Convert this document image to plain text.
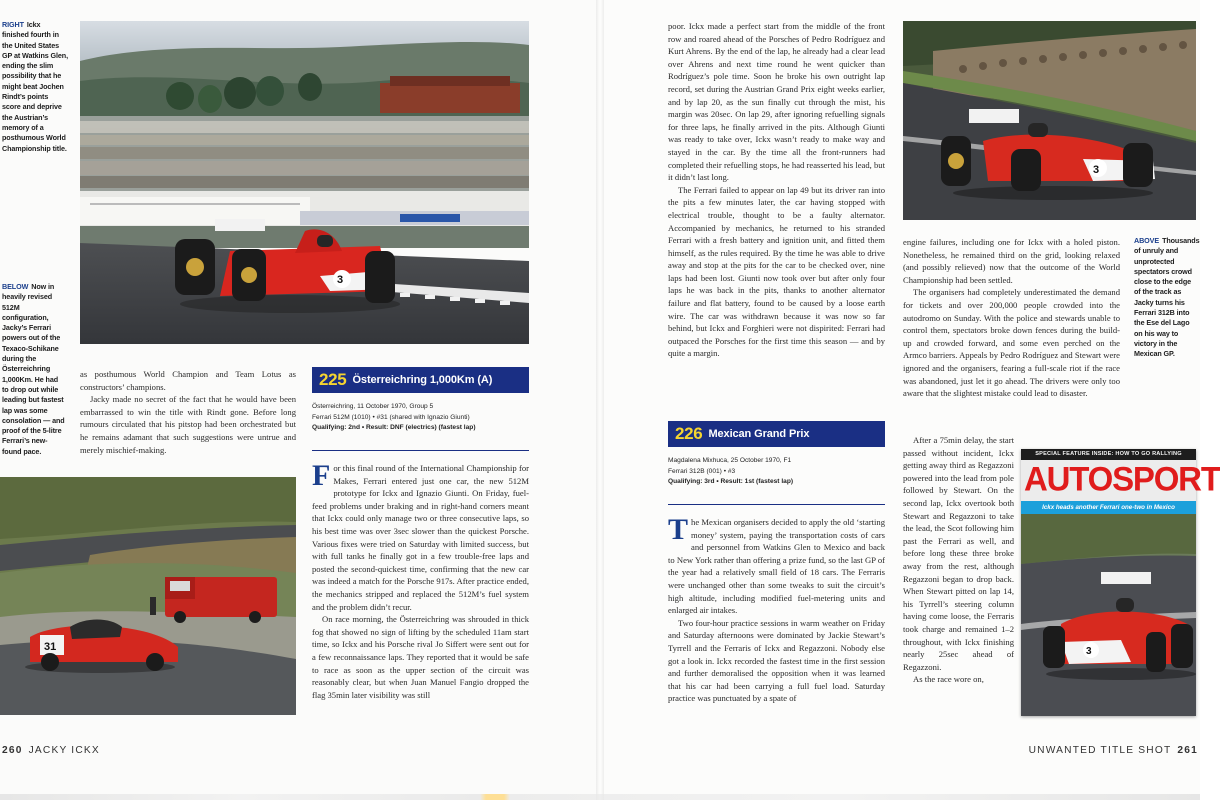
RIGHT Ickx finished fourth in the United States GP at Watkins Glen, ending the slim possibility that he might beat Jochen Rindt’s points score and deprive the Austrian’s memory of a posthumous World Championship title.
3
BELOW Now in heavily revised 512M configuration, Jacky’s Ferrari powers out of the Texaco-Schikane during the Österreichring 1,000Km. He had to drop out while leading but fastest lap was some consolation — and proof of the 5-litre Ferrari’s new-found pace.

as posthumous World Champion and Team Lotus as constructors’ champions.

Jacky made no secret of the fact that he would have been embarrassed to win the title with Rindt gone. Before long rumours circulated that his pitstop had been orchestrated but he remains adamant that such suggestions were untrue and merely mischief-making.

31
225 Österreichring 1,000Km (A)
Österreichring, 11 October 1970, Group 5
Ferrari 512M (1010) • #31 (shared with Ignazio Giunti)
Qualifying: 2nd • Result: DNF (electrics) (fastest lap)

For this final round of the International Championship for Makes, Ferrari entered just one car, the new 512M prototype for Ickx and Ignazio Giunti. On Friday, fuel-feed problems under braking and in right-hand corners meant that Ickx could only manage two or three consecutive laps, so his best time was over 3sec slower than the quickest Porsche. Various fixes were tried on Saturday with limited success, but with full tanks he finally got in a few trouble-free laps and posted the second-quickest time, confirming that the new car was indeed a match for the Porsche 917s. After practice ended, the mechanics stripped and replaced the 512M’s fuel system and the problem didn’t recur.

On race morning, the Österreichring was shrouded in thick fog that showed no sign of lifting by the scheduled 11am start time, so Ickx and his Porsche rival Jo Siffert were sent out for a few reconnaissance laps. They reported that it would be safe to race as soon as the upper section of the circuit was reasonably clear, but when Juan Manuel Fangio dropped the flag 35min later visibility was still

260 JACKY ICKX

poor. Ickx made a perfect start from the middle of the front row and roared ahead of the Porsches of Pedro Rodríguez and Kurt Ahrens. By the end of the lap, he already had a clear lead over Ahrens and next time round he went quicker than Rodríguez’s pole time. Soon he broke his own outright lap record, set during the Austrian Grand Prix eight weeks earlier, and by lap 20, as the sun finally cut through the mist, his margin was 20sec. On lap 29, after ignoring refuelling signals for three laps, he finally arrived in the pits. Although Giunti was ready to take over, Ickx wasn’t ready to make way and stayed in the car. By the time all the front-runners had completed their refuelling stops, he had reasserted his lead, but it didn’t last long.

The Ferrari failed to appear on lap 49 but its driver ran into the pits a few minutes later, the car having stopped with electrical trouble, thought to be a faulty alternator. Accompanied by mechanics, he returned to his stranded Ferrari with a fresh battery and ignition unit, and fitted them himself, as the rules required. By the time he was able to drive away and stop at the pits for the car to be checked over, nine laps had been lost. Giunti now took over but after only four laps he was back in the pits, thanks to another alternator failure and flat battery, found to be caused by a loose earth wire. The car was withdrawn because it was now so far behind, but Ickx and Forghieri were not dispirited: Ferrari had outpaced the Porsches for the first time this season — and by quite a margin.

226 Mexican Grand Prix
Magdalena Mixhuca, 25 October 1970, F1
Ferrari 312B (001) • #3
Qualifying: 3rd • Result: 1st (fastest lap)

The Mexican organisers decided to apply the old ‘starting money’ system, paying the transportation costs of cars and personnel from Watkins Glen to Mexico and back to New York rather than offering a prize fund, so the last GP of the year had a relatively small field of 18 cars. The Ferraris were unchanged other than some tweaks to suit the circuit’s high altitude, including modified fuel-metering units and enlarged air intakes.

Two four-hour practice sessions in warm weather on Friday and Saturday afternoons were dominated by Jackie Stewart’s Tyrrell and the Ferraris of Ickx and Regazzoni. Nobody else got a look in. Ickx recorded the fastest time in the first session and further demoralised the opposition when it was learned that his car had been carrying a full fuel load. Saturday practice was punctuated by a spate of

3

engine failures, including one for Ickx with a holed piston. Nonetheless, he remained third on the grid, looking relaxed (and possibly relieved) now that the outcome of the World Championship had been settled.

The organisers had completely underestimated the demand for tickets and over 200,000 people crowded into the autodromo on Sunday. With the police and stewards unable to control them, spectators broke down fences during the build-up and crowded forward, and some even perched on the Armco barriers. Appeals by Pedro Rodríguez and Stewart were ignored and the organisers, fearing a full-scale riot if the race was abandoned, just let it go ahead. The drivers were only too aware that the slightest mistake could lead to disaster.

ABOVE Thousands of unruly and unprotected spectators crowd close to the edge of the track as Jacky turns his Ferrari 312B into the Ese del Lago on his way to victory in the Mexican GP.

After a 75min delay, the start passed without incident, Ickx getting away third as Regazzoni powered into the lead from pole followed by Stewart. On the second lap, Ickx overtook both Stewart and Regazzoni to take the lead, the Scot following him past the Ferrari as well, and before long these three broke away from the rest, although Regazzoni began to drop back. When Stewart pitted on lap 14, his Tyrrell’s steering column having come loose, the Ferraris took charge and remained 1–2 throughout, with Ickx finishing nearly 25sec ahead of Regazzoni.

As the race wore on,

UNWANTED TITLE SHOT 261
SPECIAL FEATURE INSIDE: HOW TO GO RALLYING
AUTOSPORT
Ickx heads another Ferrari one-two in Mexico
3
